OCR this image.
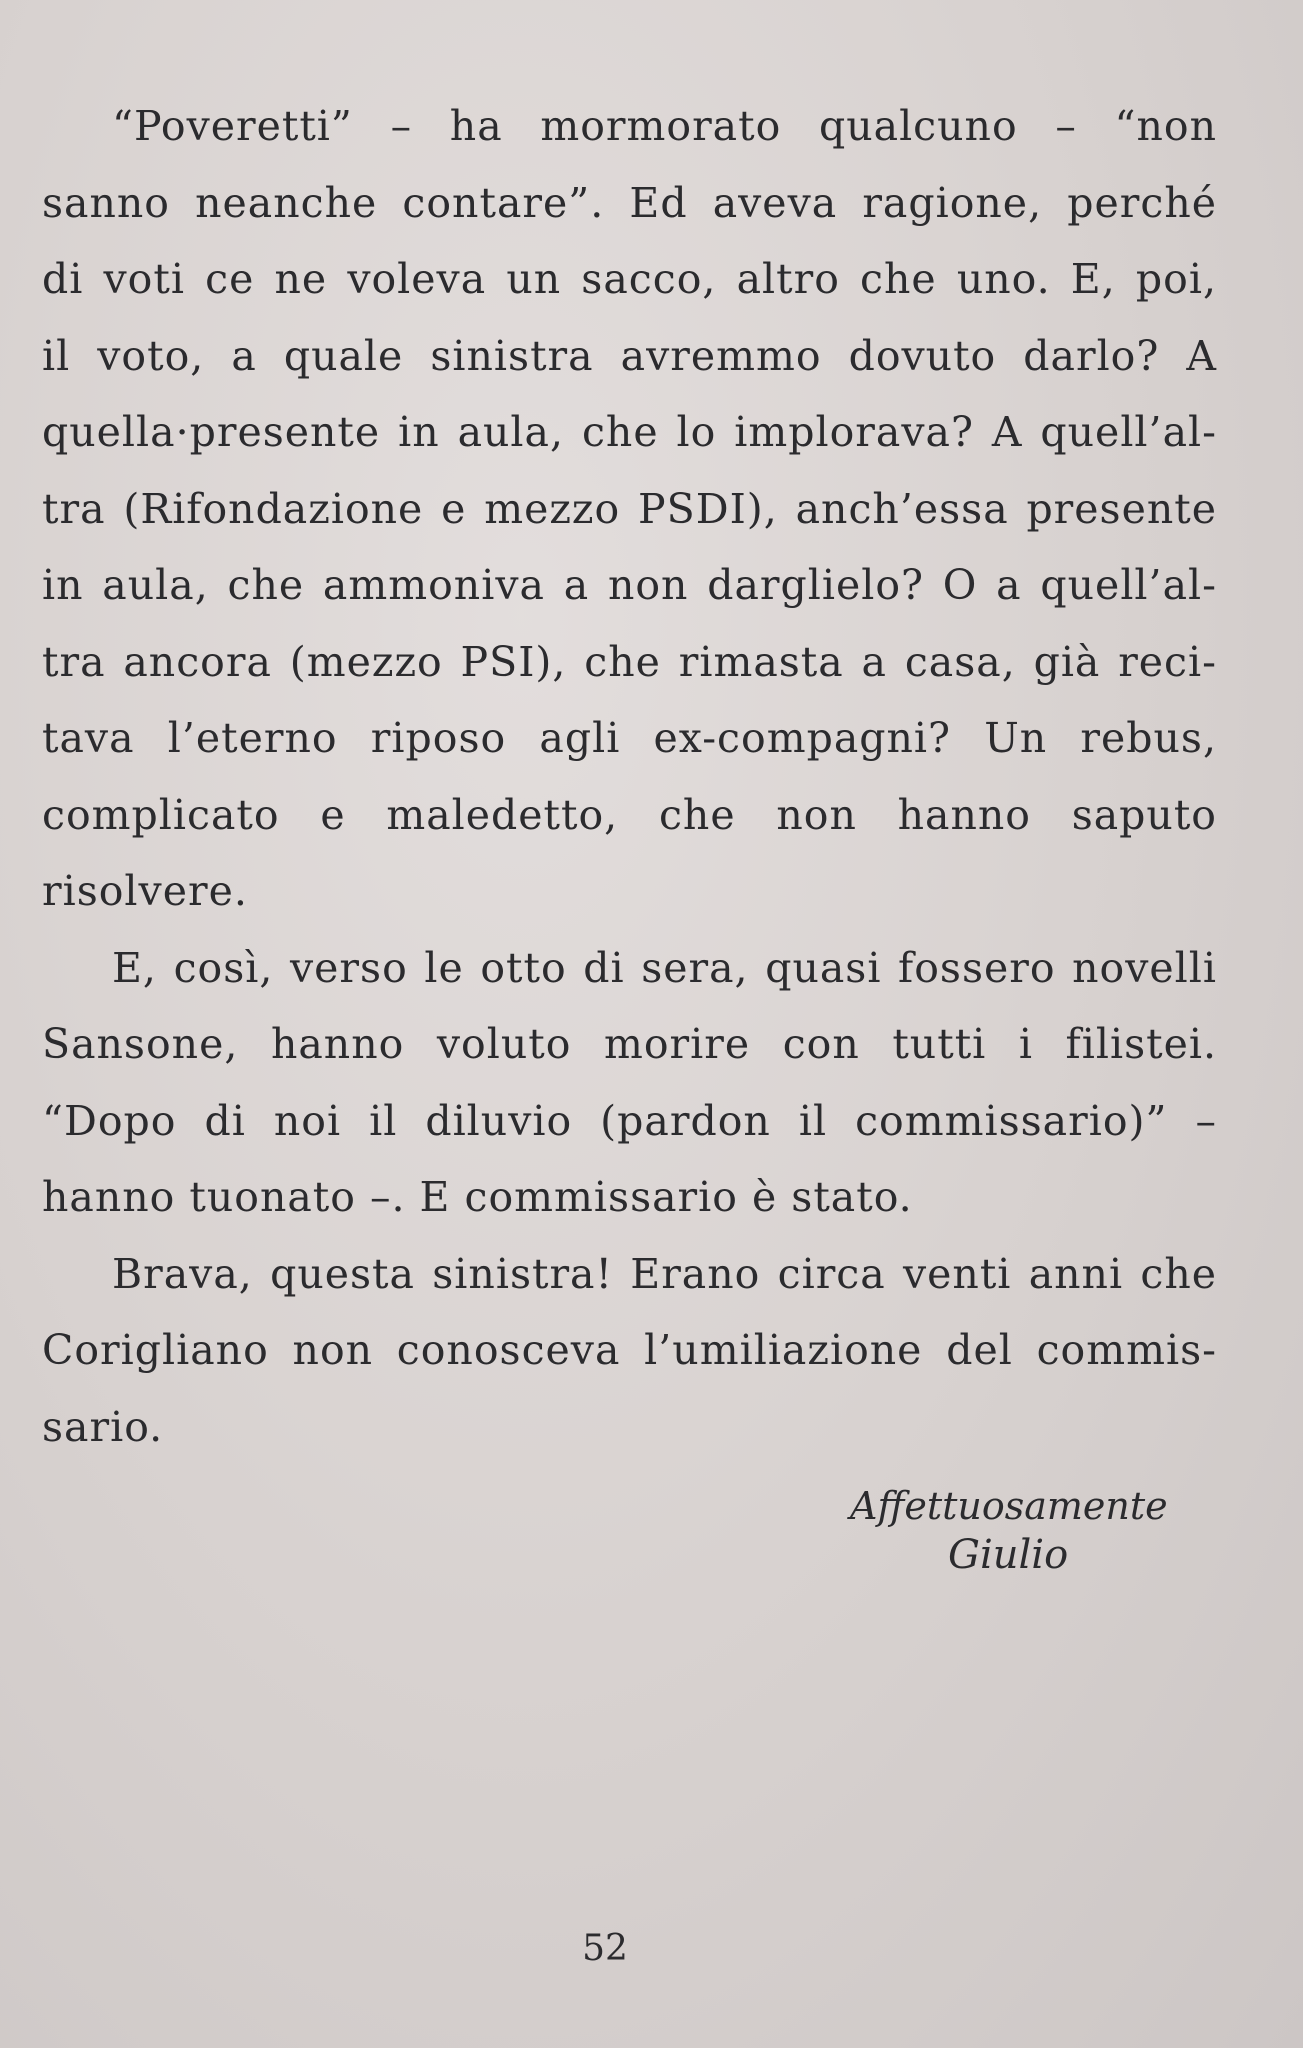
“Poveretti” – ha mormorato qualcuno – “non
sanno neanche contare”. Ed aveva ragione, perché
di voti ce ne voleva un sacco, altro che uno. E, poi,
il voto, a quale sinistra avremmo dovuto darlo? A
quella·presente in aula, che lo implorava? A quell’al-
tra (Rifondazione e mezzo PSDI), anch’essa presente
in aula, che ammoniva a non darglielo? O a quell’al-
tra ancora (mezzo PSI), che rimasta a casa, già reci-
tava l’eterno riposo agli ex-compagni? Un rebus,
complicato e maledetto, che non hanno saputo
risolvere.
E, così, verso le otto di sera, quasi fossero novelli
Sansone, hanno voluto morire con tutti i filistei.
“Dopo di noi il diluvio (pardon il commissario)” –
hanno tuonato –. E commissario è stato.
Brava, questa sinistra! Erano circa venti anni che
Corigliano non conosceva l’umiliazione del commis-
sario.
Affettuosamente
Giulio
52
